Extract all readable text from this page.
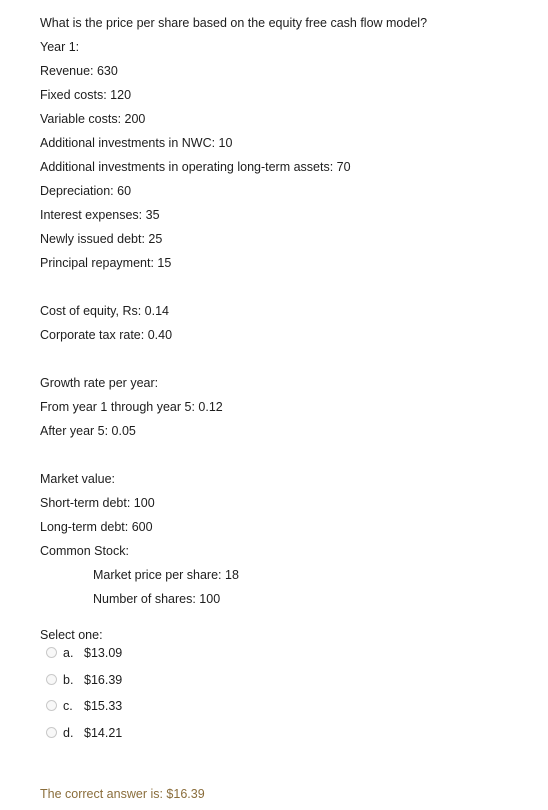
What is the price per share based on the equity free cash flow model?
Year 1:
Revenue: 630
Fixed costs: 120
Variable costs: 200
Additional investments in NWC: 10
Additional investments in operating long-term assets: 70
Depreciation: 60
Interest expenses: 35
Newly issued debt: 25
Principal repayment: 15
Cost of equity, Rs: 0.14
Corporate tax rate: 0.40
Growth rate per year:
From year 1 through year 5: 0.12
After year 5: 0.05
Market value:
Short-term debt: 100
Long-term debt: 600
Common Stock:
Market price per share: 18
Number of shares: 100
Select one:
a. $13.09
b. $16.39
c. $15.33
d. $14.21
The correct answer is: $16.39
